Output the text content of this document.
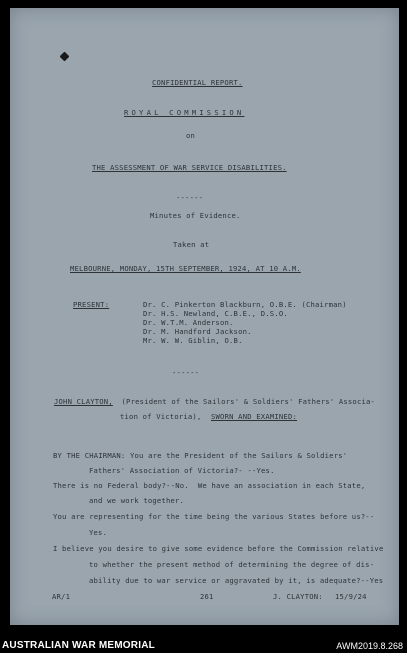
CONFIDENTIAL REPORT.
ROYAL COMMISSION
on
THE ASSESSMENT OF WAR SERVICE DISABILITIES.
------
Minutes of Evidence.
Taken at
MELBOURNE, MONDAY, 15TH SEPTEMBER, 1924, AT 10 A.M.
PRESENT:	Dr. C. Pinkerton Blackburn, O.B.E. (Chairman)
Dr. H.S. Newland, C.B.E., D.S.O.
Dr. W.T.M. Anderson.
Dr. M. Handford Jackson.
Mr. W. W. Giblin, O.B.
------
JOHN CLAYTON, (President of the Sailors' & Soldiers' Fathers' Associa-
tion of Victoria), SWORN AND EXAMINED:
BY THE CHAIRMAN: You are the President of the Sailors & Soldiers'
Fathers' Association of Victoria?- --Yes.
There is no Federal body?--No.  We have an association in each State,
and we work together.
You are representing for the time being the various States before us?--
Yes.
I believe you desire to give some evidence before the Commission relative
to whether the present method of determining the degree of dis-
ability due to war service or aggravated by it, is adequate?--Yes
AR/1	261	J. CLAYTON: 15/9/24
AUSTRALIAN WAR MEMORIAL	AWM2019.8.268
